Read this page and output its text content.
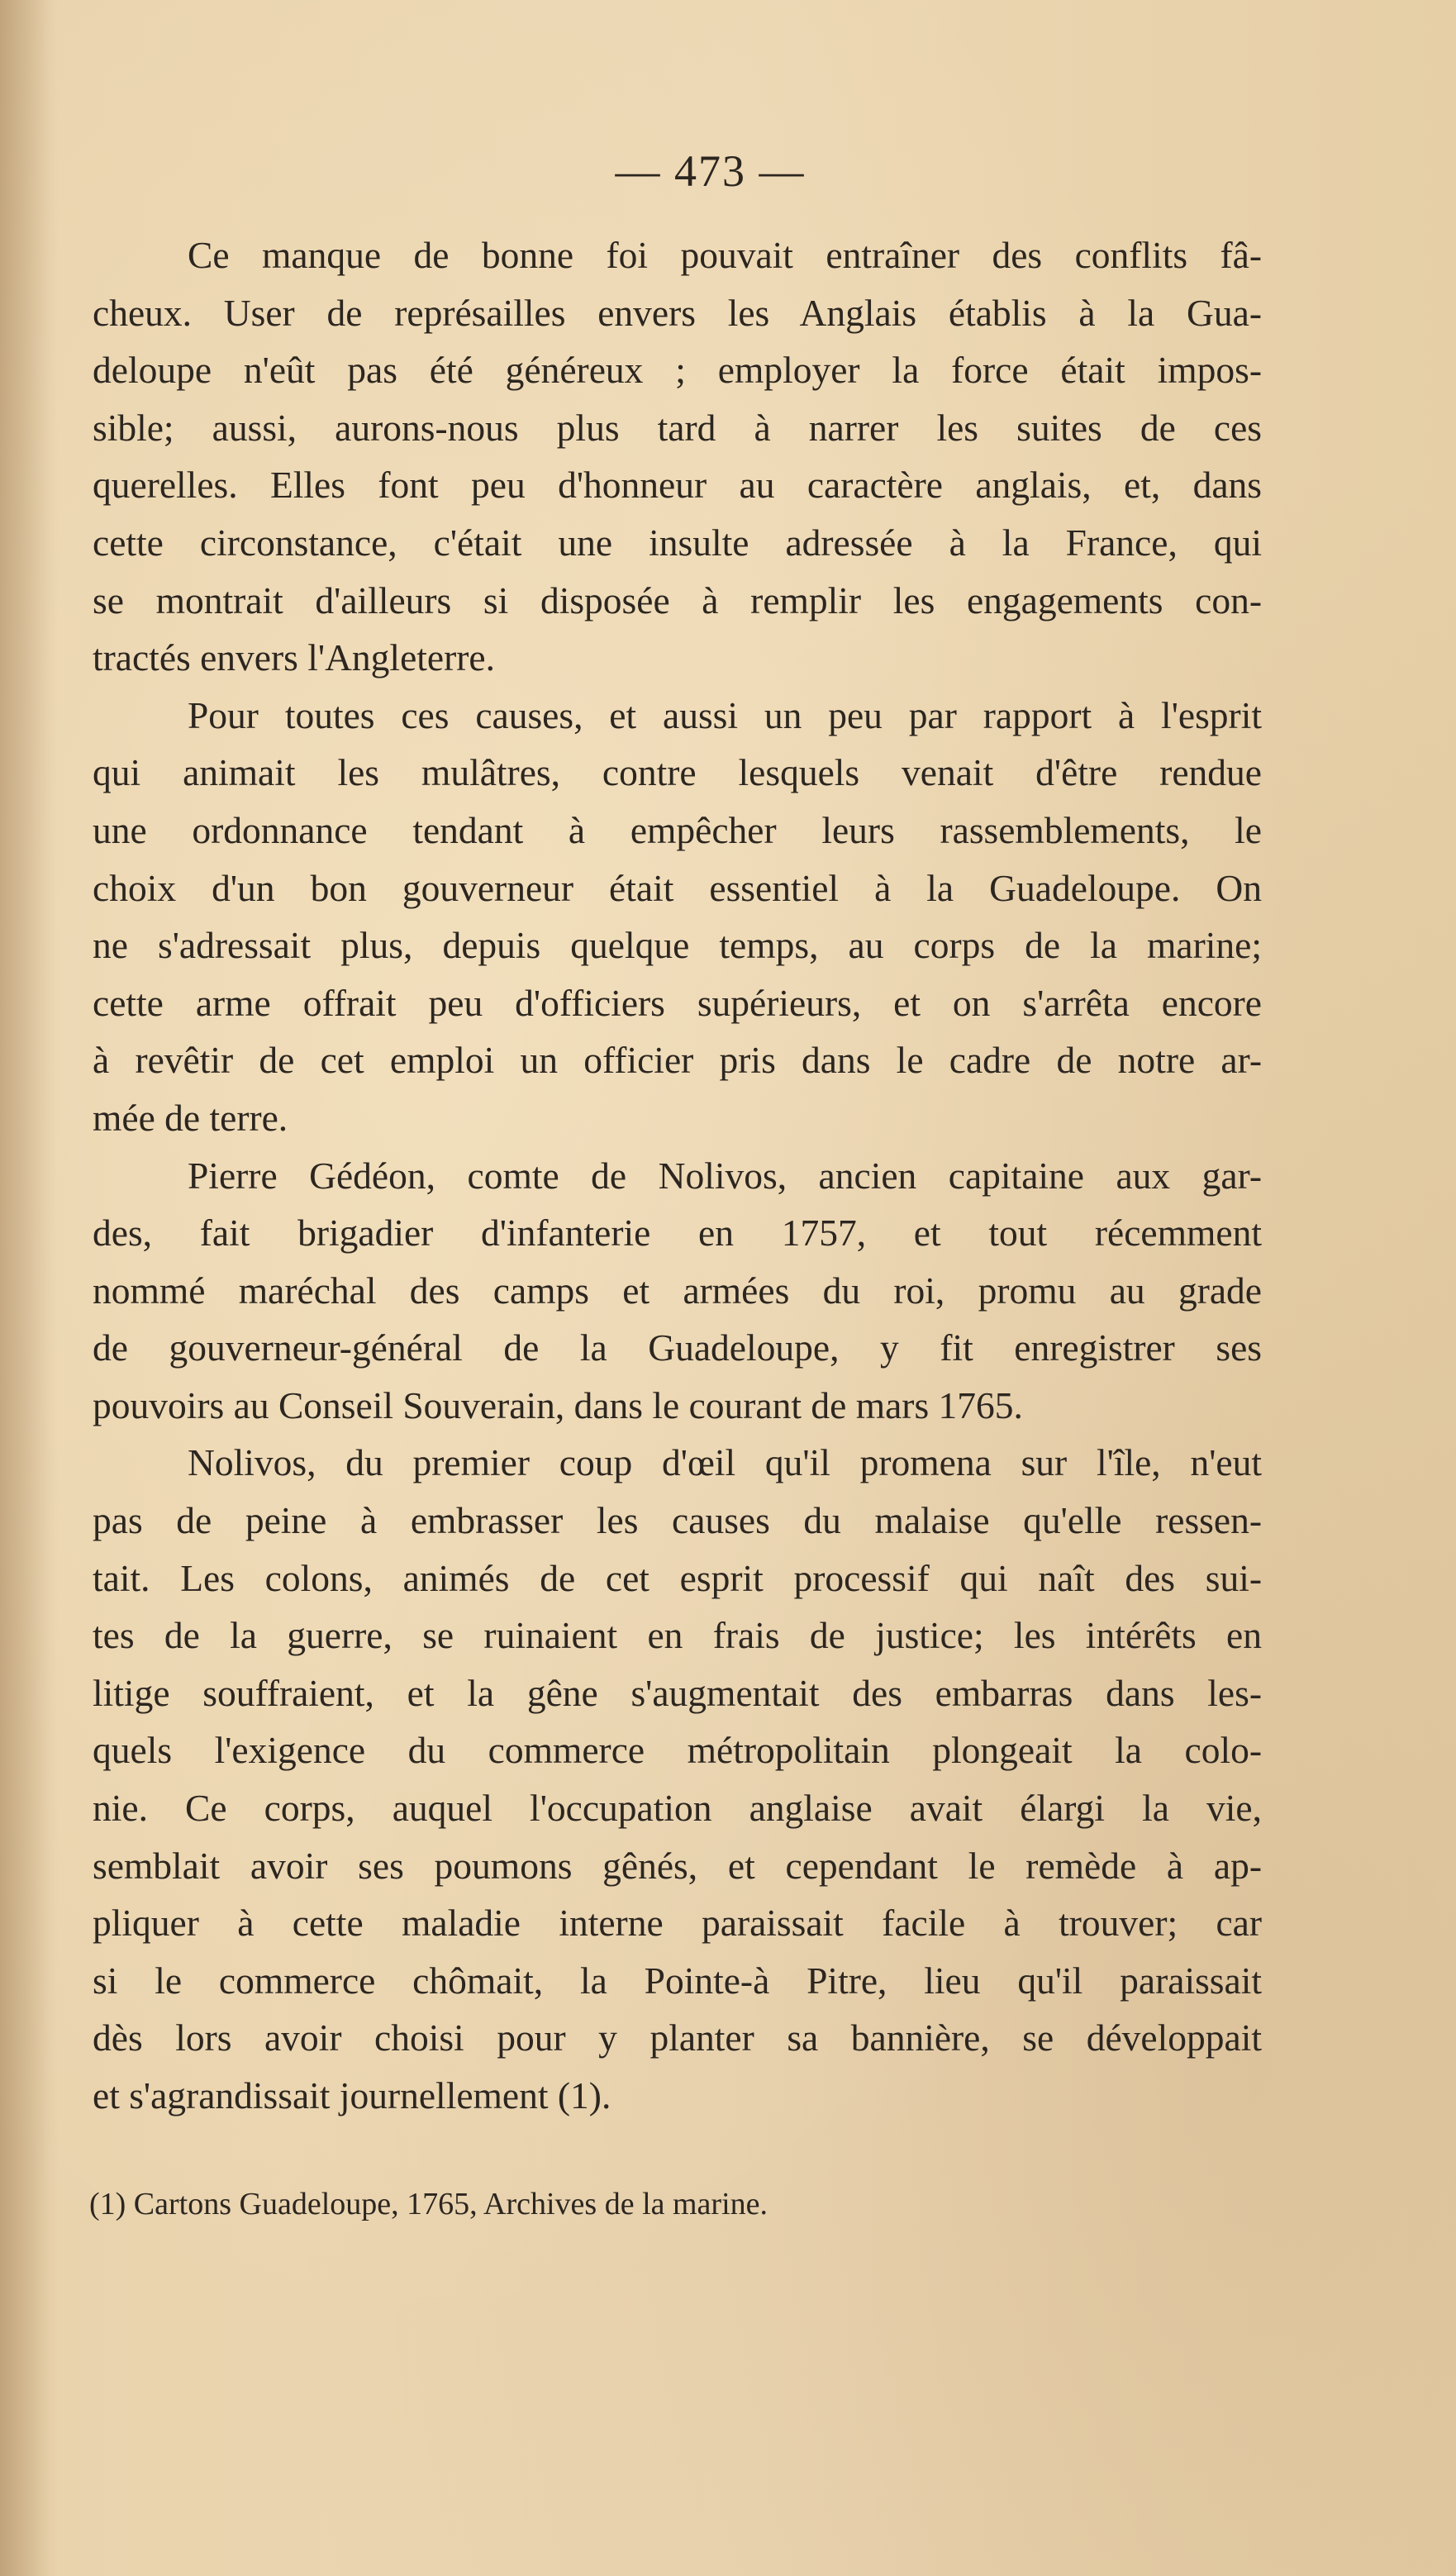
— 473 —

Ce manque de bonne foi pouvait entraîner des conflits fâ-
cheux. User de représailles envers les Anglais établis à la Gua-
deloupe n'eût pas été généreux ; employer la force était impos-
sible; aussi, aurons-nous plus tard à narrer les suites de ces
querelles. Elles font peu d'honneur au caractère anglais, et, dans
cette circonstance, c'était une insulte adressée à la France, qui
se montrait d'ailleurs si disposée à remplir les engagements con-
tractés envers l'Angleterre.

Pour toutes ces causes, et aussi un peu par rapport à l'esprit
qui animait les mulâtres, contre lesquels venait d'être rendue
une ordonnance tendant à empêcher leurs rassemblements, le
choix d'un bon gouverneur était essentiel à la Guadeloupe. On
ne s'adressait plus, depuis quelque temps, au corps de la marine;
cette arme offrait peu d'officiers supérieurs, et on s'arrêta encore
à revêtir de cet emploi un officier pris dans le cadre de notre ar-
mée de terre.

Pierre Gédéon, comte de Nolivos, ancien capitaine aux gar-
des, fait brigadier d'infanterie en 1757, et tout récemment
nommé maréchal des camps et armées du roi, promu au grade
de gouverneur-général de la Guadeloupe, y fit enregistrer ses
pouvoirs au Conseil Souverain, dans le courant de mars 1765.

Nolivos, du premier coup d'œil qu'il promena sur l'île, n'eut
pas de peine à embrasser les causes du malaise qu'elle ressen-
tait. Les colons, animés de cet esprit processif qui naît des sui-
tes de la guerre, se ruinaient en frais de justice; les intérêts en
litige souffraient, et la gêne s'augmentait des embarras dans les-
quels l'exigence du commerce métropolitain plongeait la colo-
nie. Ce corps, auquel l'occupation anglaise avait élargi la vie,
semblait avoir ses poumons gênés, et cependant le remède à ap-
pliquer à cette maladie interne paraissait facile à trouver; car
si le commerce chômait, la Pointe-à Pitre, lieu qu'il paraissait
dès lors avoir choisi pour y planter sa bannière, se développait
et s'agrandissait journellement (1).

(1) Cartons Guadeloupe, 1765, Archives de la marine.
